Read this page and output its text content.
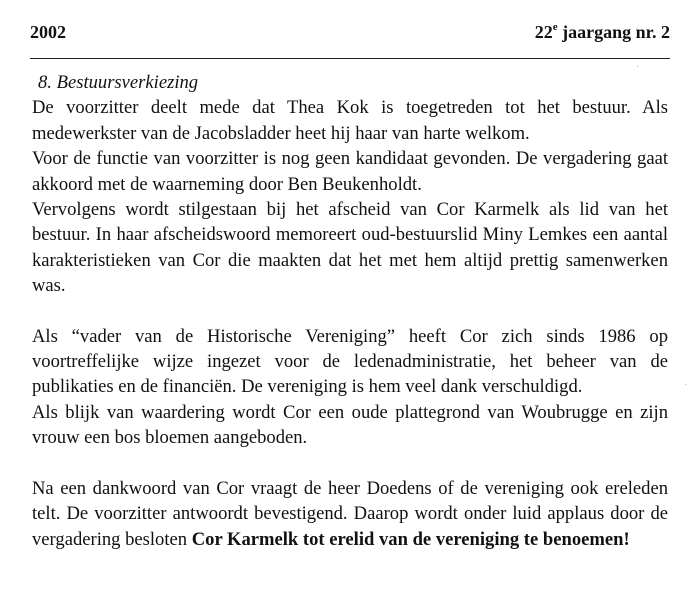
2002	22e jaargang nr. 2

8. Bestuursverkiezing

De voorzitter deelt mede dat Thea Kok is toegetreden tot het bestuur. Als medewerkster van de Jacobsladder heet hij haar van harte welkom.

Voor de functie van voorzitter is nog geen kandidaat gevonden. De vergadering gaat akkoord met de waarneming door Ben Beukenholdt.

Vervolgens wordt stilgestaan bij het afscheid van Cor Karmelk als lid van het bestuur. In haar afscheidswoord memoreert oud-bestuurslid Miny Lemkes een aantal karakteristieken van Cor die maakten dat het met hem altijd prettig samenwerken was.

Als “vader van de Historische Vereniging” heeft Cor zich sinds 1986 op voortreffelijke wijze ingezet voor de ledenadministratie, het beheer van de publikaties en de financiën. De vereniging is hem veel dank verschuldigd.

Als blijk van waardering wordt Cor een oude plattegrond van Woubrugge en zijn vrouw een bos bloemen aangeboden.

Na een dankwoord van Cor vraagt de heer Doedens of de vereniging ook ereleden telt. De voorzitter antwoordt bevestigend. Daarop wordt onder luid applaus door de vergadering besloten Cor Karmelk tot erelid van de vereniging te benoemen!

·
·
